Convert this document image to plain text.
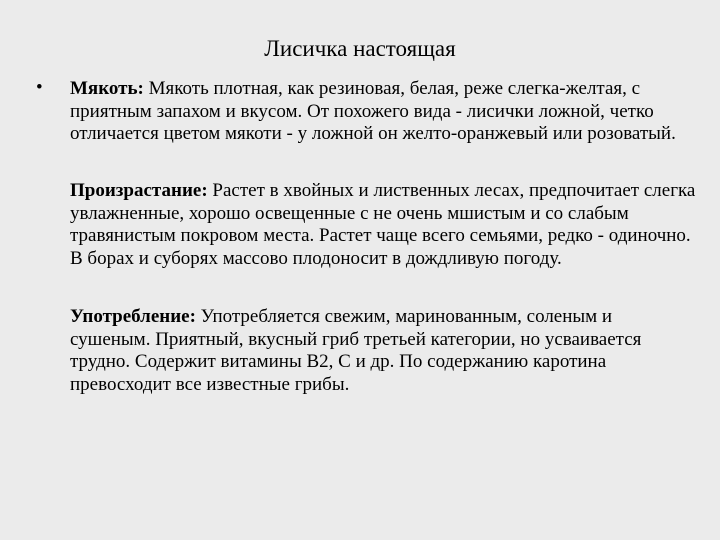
Лисичка настоящая
• Мякоть: Мякоть плотная, как резиновая, белая, реже слегка-желтая, с приятным запахом и вкусом. От похожего вида - лисички ложной, четко отличается цветом мякоти - у ложной он желто-оранжевый или розоватый.
Произрастание: Растет в хвойных и лиственных лесах, предпочитает слегка увлажненные, хорошо освещенные с не очень мшистым и со слабым травянистым покровом места. Растет чаще всего семьями, редко - одиночно. В борах и суборях массово плодоносит в дождливую погоду.
Употребление: Употребляется свежим, маринованным, соленым и сушеным. Приятный, вкусный гриб третьей категории, но усваивается трудно. Содержит витамины В2, С и др. По содержанию каротина превосходит все известные грибы.
